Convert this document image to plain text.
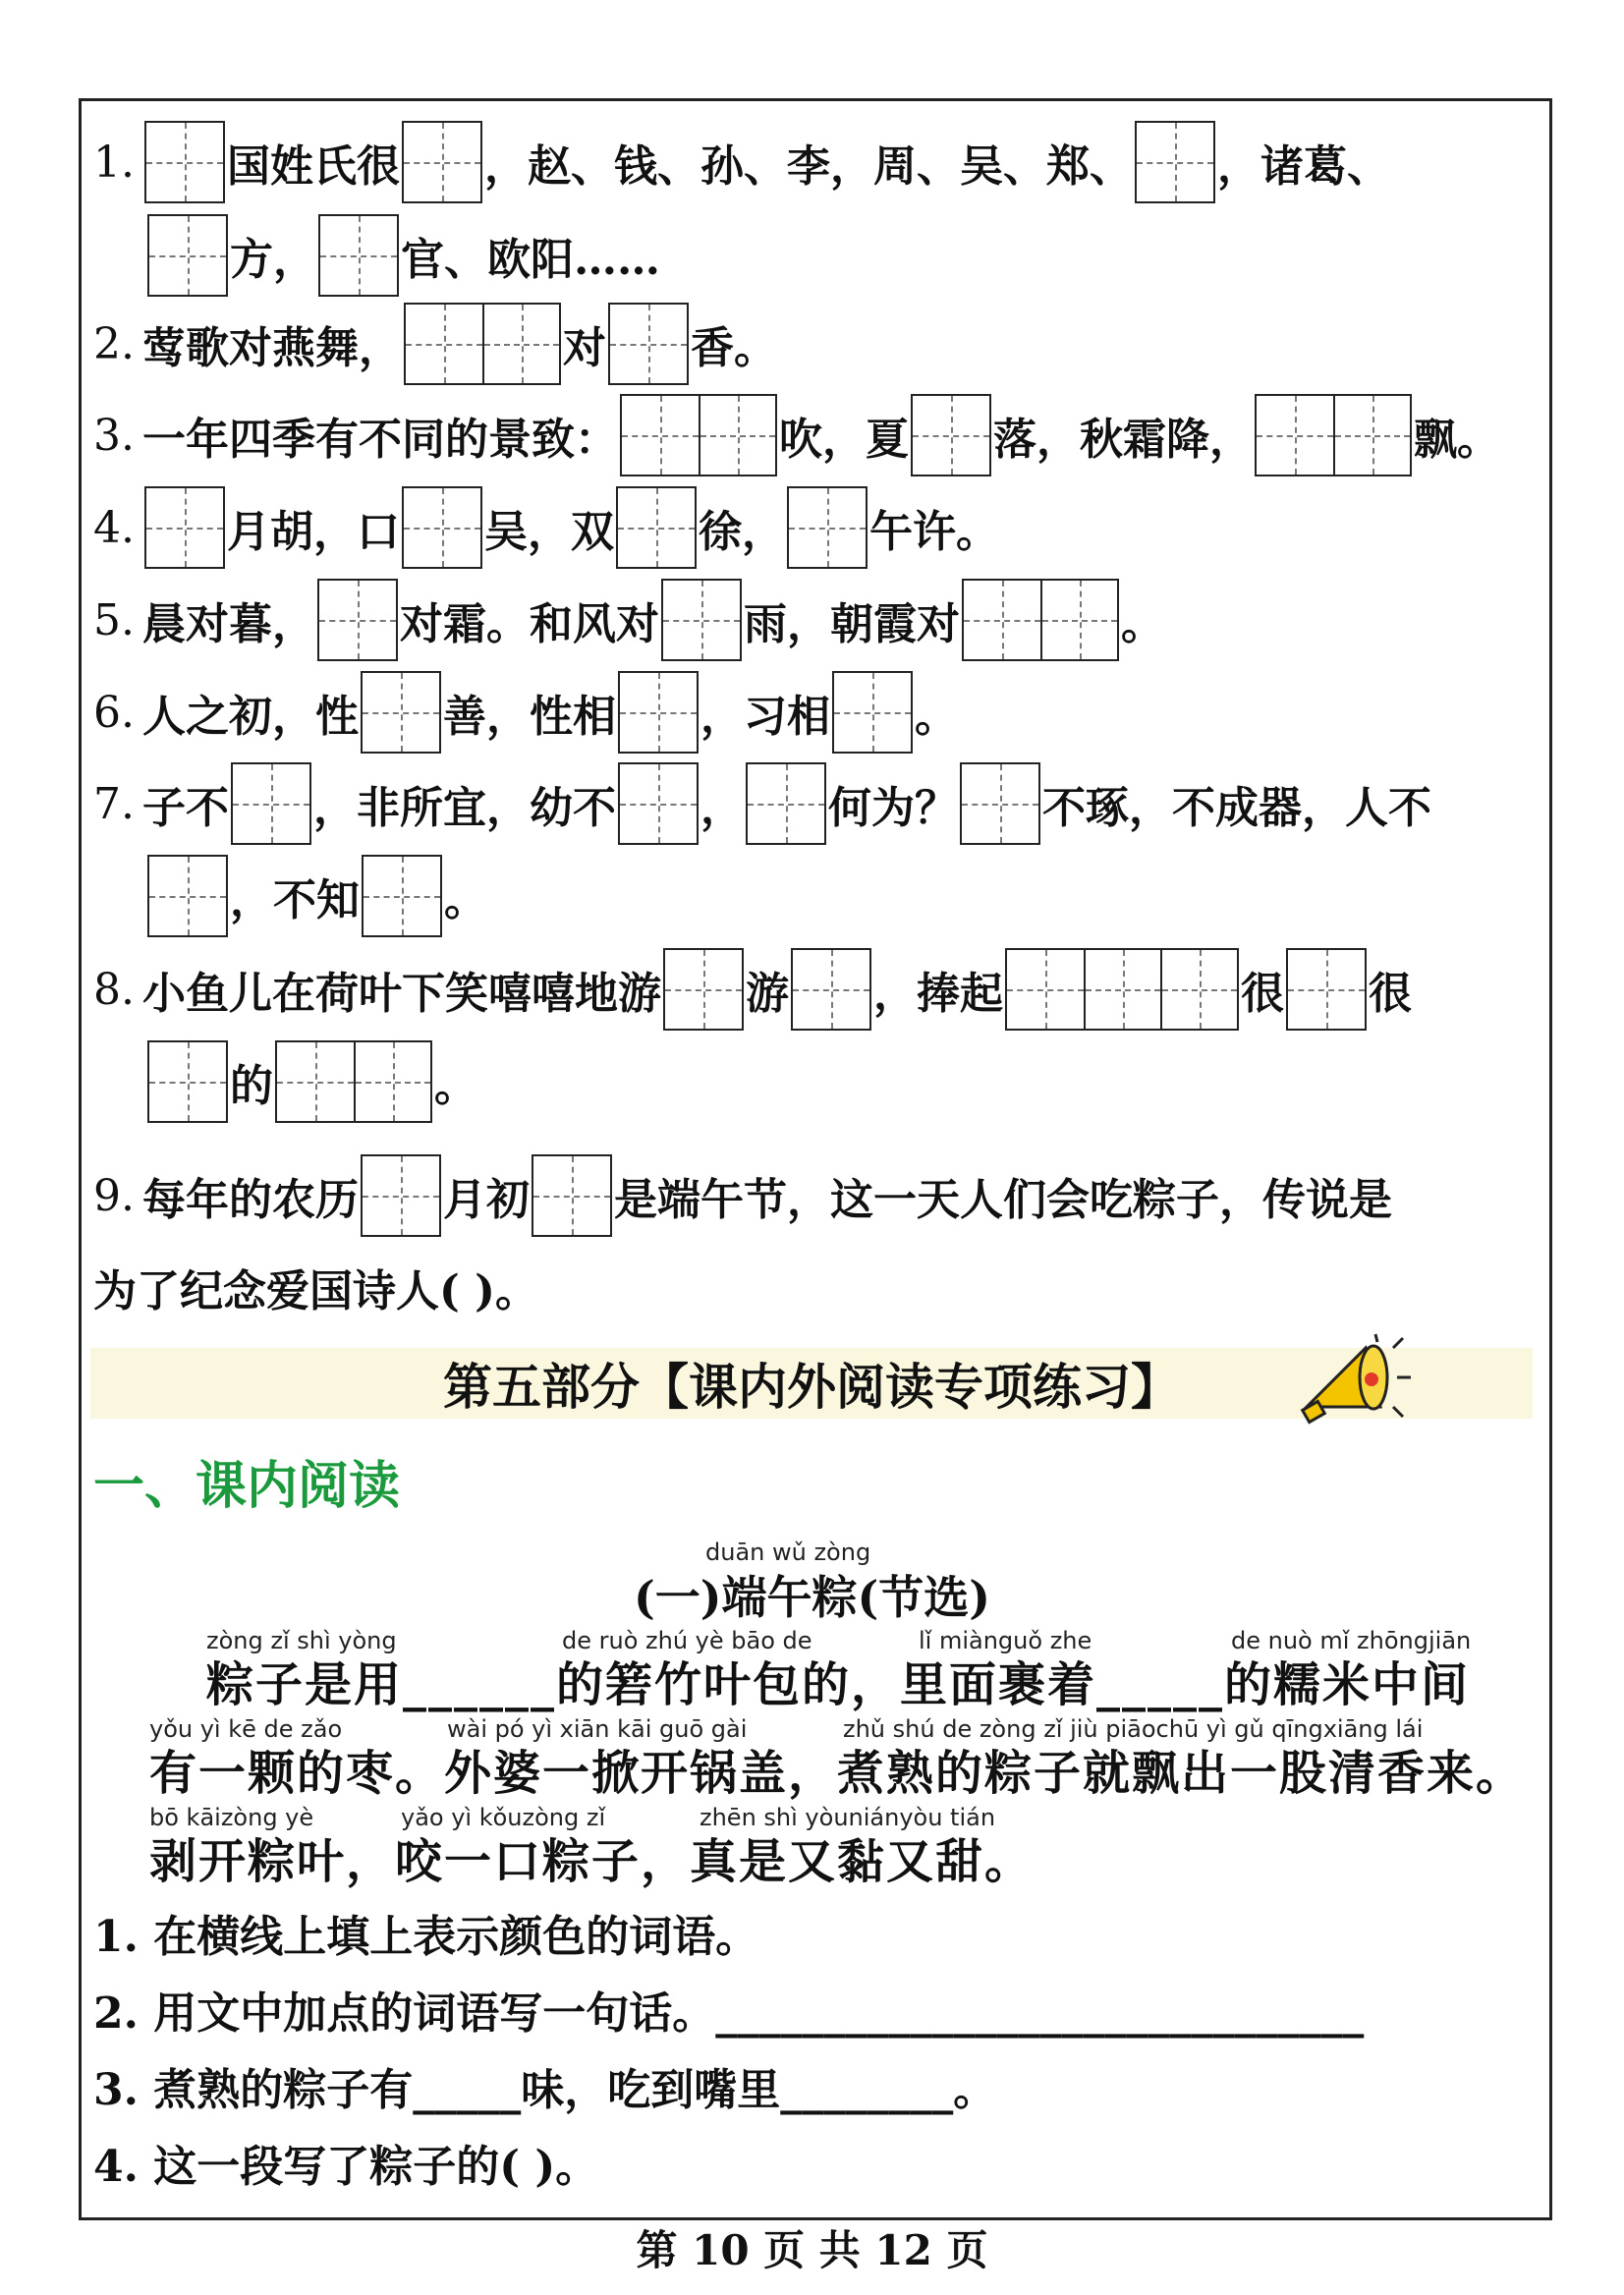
1. 国姓氏很 ，赵、钱、孙、李，周、吴、郑、 ，诸葛、
方， 官、欧阳……
2. 莺歌对燕舞，	对 香。
3. 一年四季有不同的景致：	吹，夏 落，秋霜降，	飘。
4. 月胡，口 吴，双 徐， 午许。
5. 晨对暮， 对霜。和风对 雨，朝霞对	。
6. 人之初，性 善，性相 ，习相 。
7. 子不 ，非所宜，幼不 ， 何为？ 不琢，不成器，人不
，不知 。
8. 小鱼儿在荷叶下笑嘻嘻地游 游 ，捧起	很 很
的	。
9. 每年的农历 月初 是端午节，这一天人们会吃粽子，传说是
为了纪念爱国诗人( )。
第五部分【课内外阅读专项练习】
一、课内阅读
duān wǔ zòng
(一)端午粽(节选)
zòng zǐ shì yòng	de ruò zhú yè bāo de	lǐ miànguǒ zhe	de nuò mǐ zhōngjiān
粽子是用______的箬竹叶包的，里面裹着_____的糯米中间
yǒu yì kē de zǎo	wài pó yì xiān kāi guō gài	zhǔ shú de zòng zǐ jiù piāochū yì gǔ qīngxiāng lái
有一颗的枣。外婆一掀开锅盖，煮熟的粽子就飘出一股清香来。
bō kāizòng yè	yǎo yì kǒuzòng zǐ	zhēn shì yòuniányòu tián
剥开粽叶，咬一口粽子，真是又黏又甜。
1. 在横线上填上表示颜色的词语。
2. 用文中加点的词语写一句话。______________________________
3. 煮熟的粽子有_____味，吃到嘴里________。
4. 这一段写了粽子的( )。
第 10 页 共 12 页
